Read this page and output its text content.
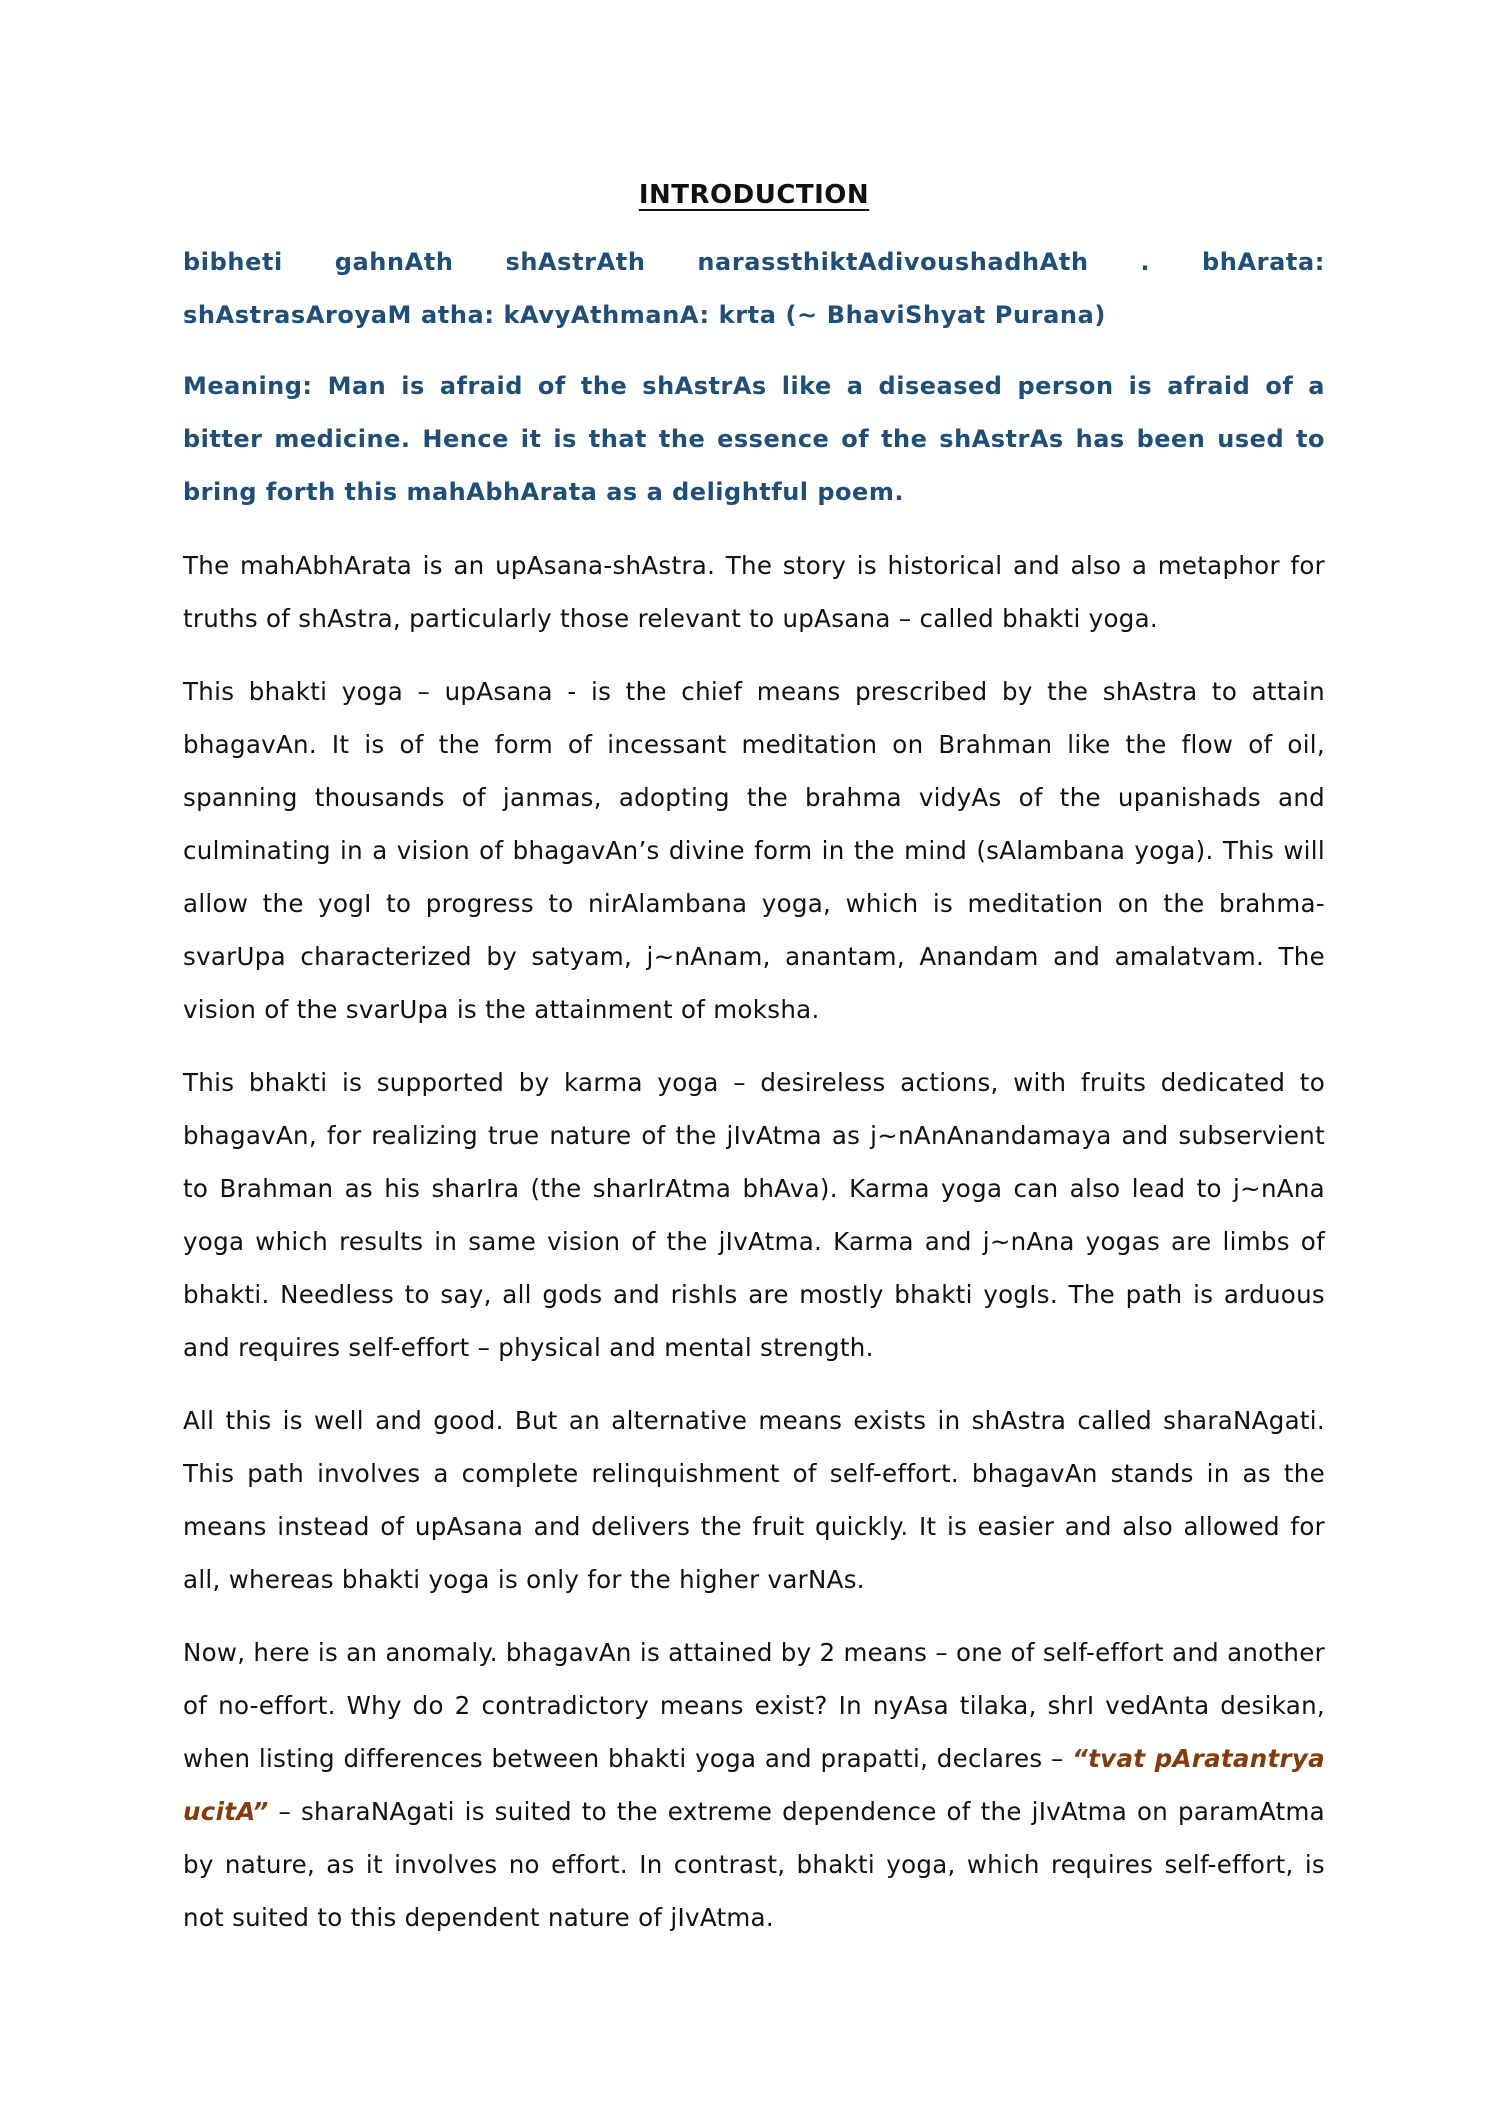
INTRODUCTION
bibheti gahnAth shAstrAth narassthiktAdivoushadhAth . bhArata:
shAstrasAroyaM atha: kAvyAthmanA: krta (~ BhaviShyat Purana)

Meaning: Man is afraid of the shAstrAs like a diseased person is afraid of a bitter medicine. Hence it is that the essence of the shAstrAs has been used to bring forth this mahAbhArata as a delightful poem.

The mahAbhArata is an upAsana-shAstra. The story is historical and also a metaphor for truths of shAstra, particularly those relevant to upAsana – called bhakti yoga.

This bhakti yoga – upAsana - is the chief means prescribed by the shAstra to attain bhagavAn. It is of the form of incessant meditation on Brahman like the flow of oil, spanning thousands of janmas, adopting the brahma vidyAs of the upanishads and culminating in a vision of bhagavAn’s divine form in the mind (sAlambana yoga). This will allow the yogI to progress to nirAlambana yoga, which is meditation on the brahma-svarUpa characterized by satyam, j~nAnam, anantam, Anandam and amalatvam. The vision of the svarUpa is the attainment of moksha.

This bhakti is supported by karma yoga – desireless actions, with fruits dedicated to bhagavAn, for realizing true nature of the jIvAtma as j~nAnAnandamaya and subservient to Brahman as his sharIra (the sharIrAtma bhAva). Karma yoga can also lead to j~nAna yoga which results in same vision of the jIvAtma. Karma and j~nAna yogas are limbs of bhakti. Needless to say, all gods and rishIs are mostly bhakti yogIs. The path is arduous and requires self-effort – physical and mental strength.

All this is well and good. But an alternative means exists in shAstra called sharaNAgati. This path involves a complete relinquishment of self-effort. bhagavAn stands in as the means instead of upAsana and delivers the fruit quickly. It is easier and also allowed for all, whereas bhakti yoga is only for the higher varNAs.

Now, here is an anomaly. bhagavAn is attained by 2 means – one of self-effort and another of no-effort. Why do 2 contradictory means exist? In nyAsa tilaka, shrI vedAnta desikan, when listing differences between bhakti yoga and prapatti, declares – “tvat pAratantrya ucitA” – sharaNAgati is suited to the extreme dependence of the jIvAtma on paramAtma by nature, as it involves no effort. In contrast, bhakti yoga, which requires self-effort, is not suited to this dependent nature of jIvAtma.
